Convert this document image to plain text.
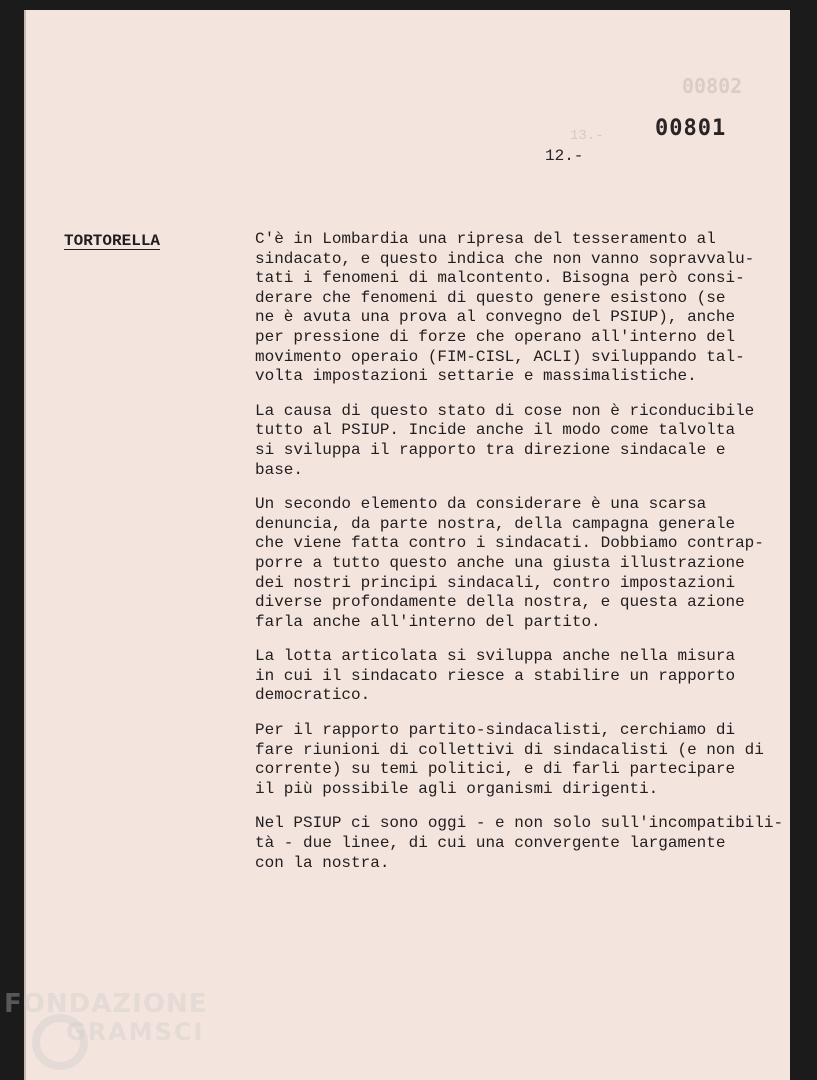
00802
13.- 00801
12.-
TORTORELLA	C'è in Lombardia una ripresa del tesseramento al
sindacato, e questo indica che non vanno sopravvalu-
tati i fenomeni di malcontento. Bisogna però consi-
derare che fenomeni di questo genere esistono (se
ne è avuta una prova al convegno del PSIUP), anche
per pressione di forze che operano all'interno del
movimento operaio (FIM-CISL, ACLI) sviluppando tal-
volta impostazioni settarie e massimalistiche.

La causa di questo stato di cose non è riconducibile
tutto al PSIUP. Incide anche il modo come talvolta
si sviluppa il rapporto tra direzione sindacale e
base.

Un secondo elemento da considerare è una scarsa
denuncia, da parte nostra, della campagna generale
che viene fatta contro i sindacati. Dobbiamo contrap-
porre a tutto questo anche una giusta illustrazione
dei nostri principi sindacali, contro impostazioni
diverse profondamente della nostra, e questa azione
farla anche all'interno del partito.

La lotta articolata si sviluppa anche nella misura
in cui il sindacato riesce a stabilire un rapporto
democratico.

Per il rapporto partito-sindacalisti, cerchiamo di
fare riunioni di collettivi di sindacalisti (e non di
corrente) su temi politici, e di farli partecipare
il più possibile agli organismi dirigenti.

Nel PSIUP ci sono oggi - e non solo sull'incompatibili-
tà - due linee, di cui una convergente largamente
con la nostra.

FONDAZIONE
GRAMSCI
